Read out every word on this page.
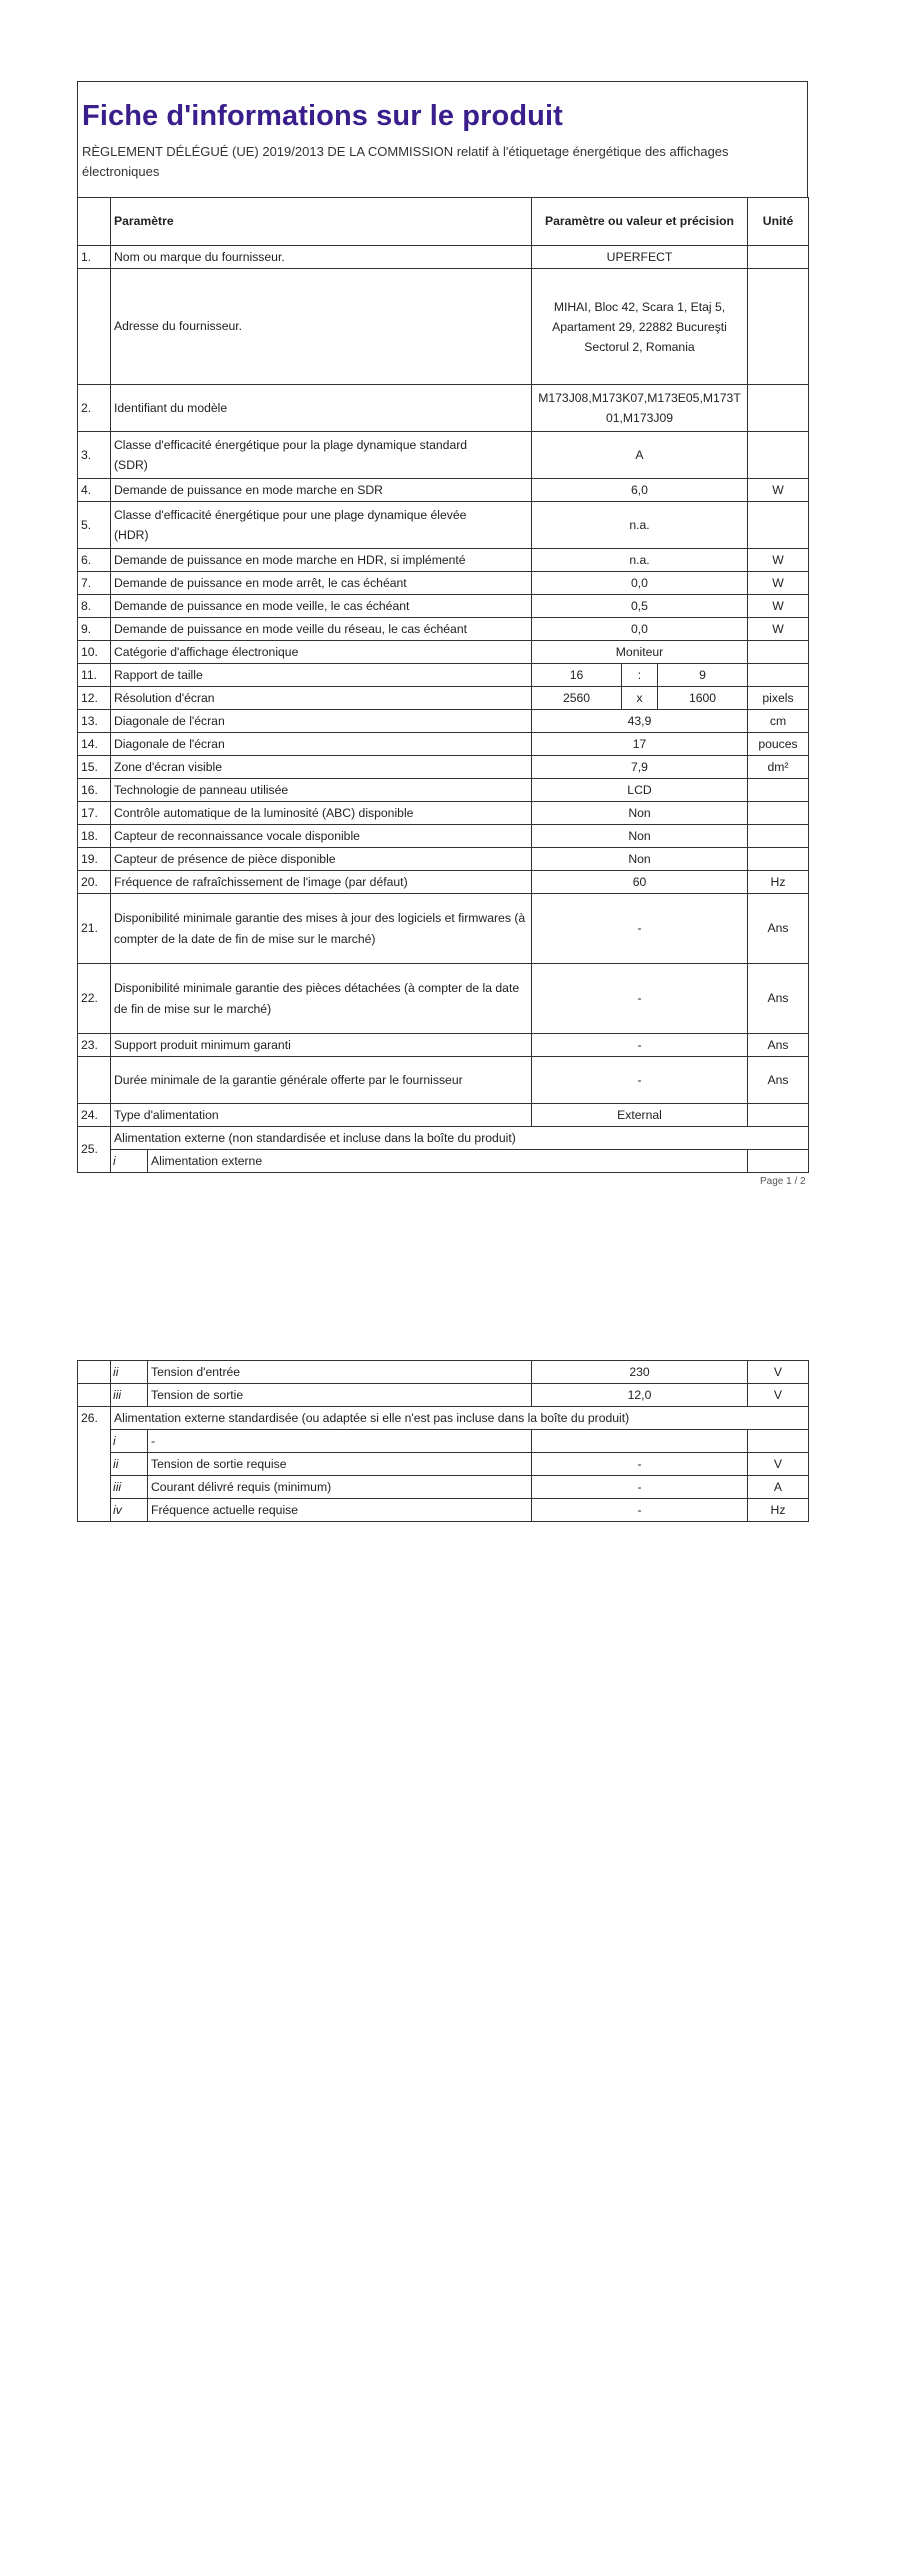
Fiche d'informations sur le produit
RÈGLEMENT DÉLÉGUÉ (UE) 2019/2013 DE LA COMMISSION relatif à l'étiquetage énergétique des affichages électroniques
	Paramètre		Paramètre ou valeur et précision			Unité
1.	Nom ou marque du fournisseur.		UPERFECT			
	Adresse du fournisseur.		MIHAI, Bloc 42, Scara 1, Etaj 5, Apartament 29, 22882 Bucureşti Sectorul 2, Romania			
2.	Identifiant du modèle		M173J08,M173K07,M173E05,M173T01,M173J09			
3.	Classe d'efficacité énergétique pour la plage dynamique standard (SDR)		A			
4.	Demande de puissance en mode marche en SDR		6,0			W
5.	Classe d'efficacité énergétique pour une plage dynamique élevée (HDR)		n.a.			
6.	Demande de puissance en mode marche en HDR, si implémenté		n.a.			W
7.	Demande de puissance en mode arrêt, le cas échéant		0,0			W
8.	Demande de puissance en mode veille, le cas échéant		0,5			W
9.	Demande de puissance en mode veille du réseau, le cas échéant		0,0			W
10.	Catégorie d'affichage électronique		Moniteur			
11.	Rapport de taille		16	:	9	
12.	Résolution d'écran		2560	x	1600	pixels
13.	Diagonale de l'écran		43,9			cm
14.	Diagonale de l'écran		17			pouces
15.	Zone d'écran visible		7,9			dm²
16.	Technologie de panneau utilisée		LCD			
17.	Contrôle automatique de la luminosité (ABC) disponible		Non			
18.	Capteur de reconnaissance vocale disponible		Non			
19.	Capteur de présence de pièce disponible		Non			
20.	Fréquence de rafraîchissement de l'image (par défaut)		60			Hz
21.	Disponibilité minimale garantie des mises à jour des logiciels et firmwares (à compter de la date de fin de mise sur le marché)		-			Ans
22.	Disponibilité minimale garantie des pièces détachées (à compter de la date de fin de mise sur le marché)		-			Ans
23.	Support produit minimum garanti		-			Ans
	Durée minimale de la garantie générale offerte par le fournisseur		-			Ans
24.	Type d'alimentation		External			
25.	Alimentation externe (non standardisée et incluse dans la boîte du produit)					
	i	Alimentation externe				
Page 1 / 2
	ii	Tension d'entrée	230	V
	iii	Tension de sortie	12,0	V
26.	Alimentation externe standardisée (ou adaptée si elle n'est pas incluse dans la boîte du produit)			
	i	-		
	ii	Tension de sortie requise	-	V
	iii	Courant délivré requis (minimum)	-	A
	iv	Fréquence actuelle requise	-	Hz
